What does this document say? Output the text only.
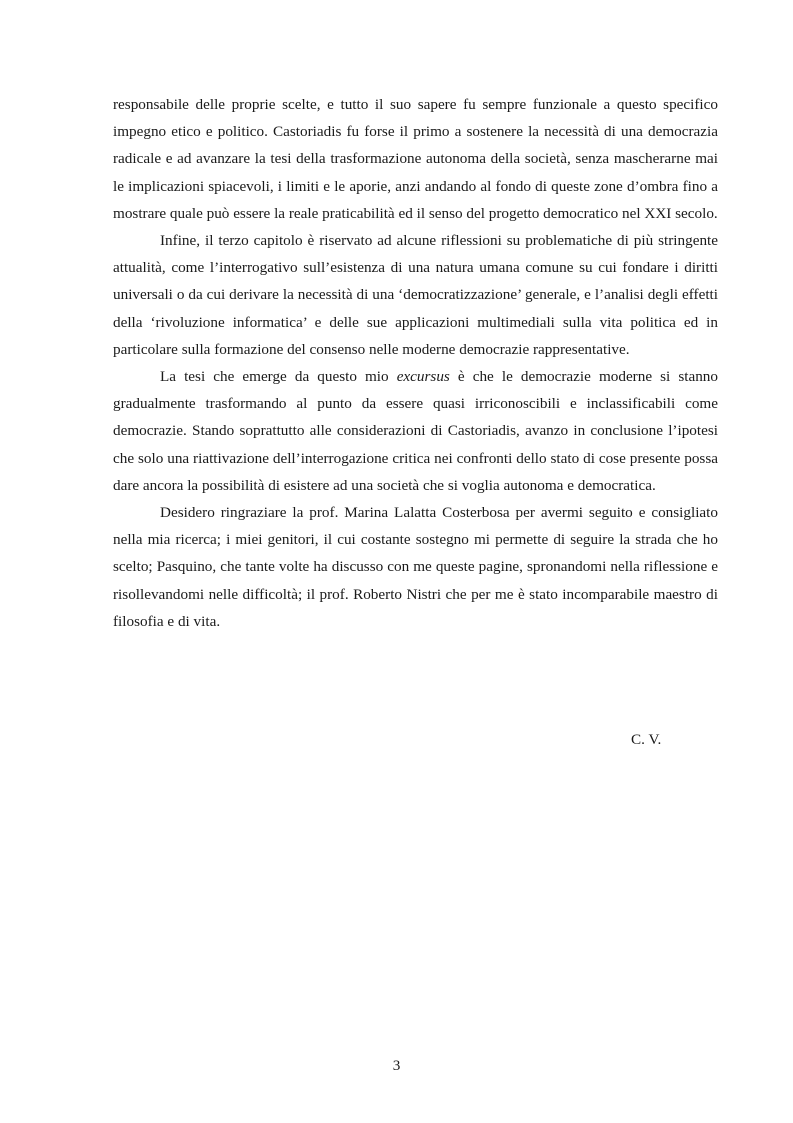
responsabile delle proprie scelte, e tutto il suo sapere fu sempre funzionale a questo specifico impegno etico e politico. Castoriadis fu forse il primo a sostenere la necessità di una democrazia radicale e ad avanzare la tesi della trasformazione autonoma della società, senza mascherarne mai le implicazioni spiacevoli, i limiti e le aporie, anzi andando al fondo di queste zone d’ombra fino a mostrare quale può essere la reale praticabilità ed il senso del progetto democratico nel XXI secolo.

Infine, il terzo capitolo è riservato ad alcune riflessioni su problematiche di più stringente attualità, come l’interrogativo sull’esistenza di una natura umana comune su cui fondare i diritti universali o da cui derivare la necessità di una ‘democratizzazione’ generale, e l’analisi degli effetti della ‘rivoluzione informatica’ e delle sue applicazioni multimediali sulla vita politica ed in particolare sulla formazione del consenso nelle moderne democrazie rappresentative.

La tesi che emerge da questo mio excursus è che le democrazie moderne si stanno gradualmente trasformando al punto da essere quasi irriconoscibili e inclassificabili come democrazie. Stando soprattutto alle considerazioni di Castoriadis, avanzo in conclusione l’ipotesi che solo una riattivazione dell’interrogazione critica nei confronti dello stato di cose presente possa dare ancora la possibilità di esistere ad una società che si voglia autonoma e democratica.

Desidero ringraziare la prof. Marina Lalatta Costerbosa per avermi seguito e consigliato nella mia ricerca; i miei genitori, il cui costante sostegno mi permette di seguire la strada che ho scelto; Pasquino, che tante volte ha discusso con me queste pagine, spronandomi nella riflessione e risollevandomi nelle difficoltà; il prof. Roberto Nistri che per me è stato incomparabile maestro di filosofia e di vita.

C. V.
3
